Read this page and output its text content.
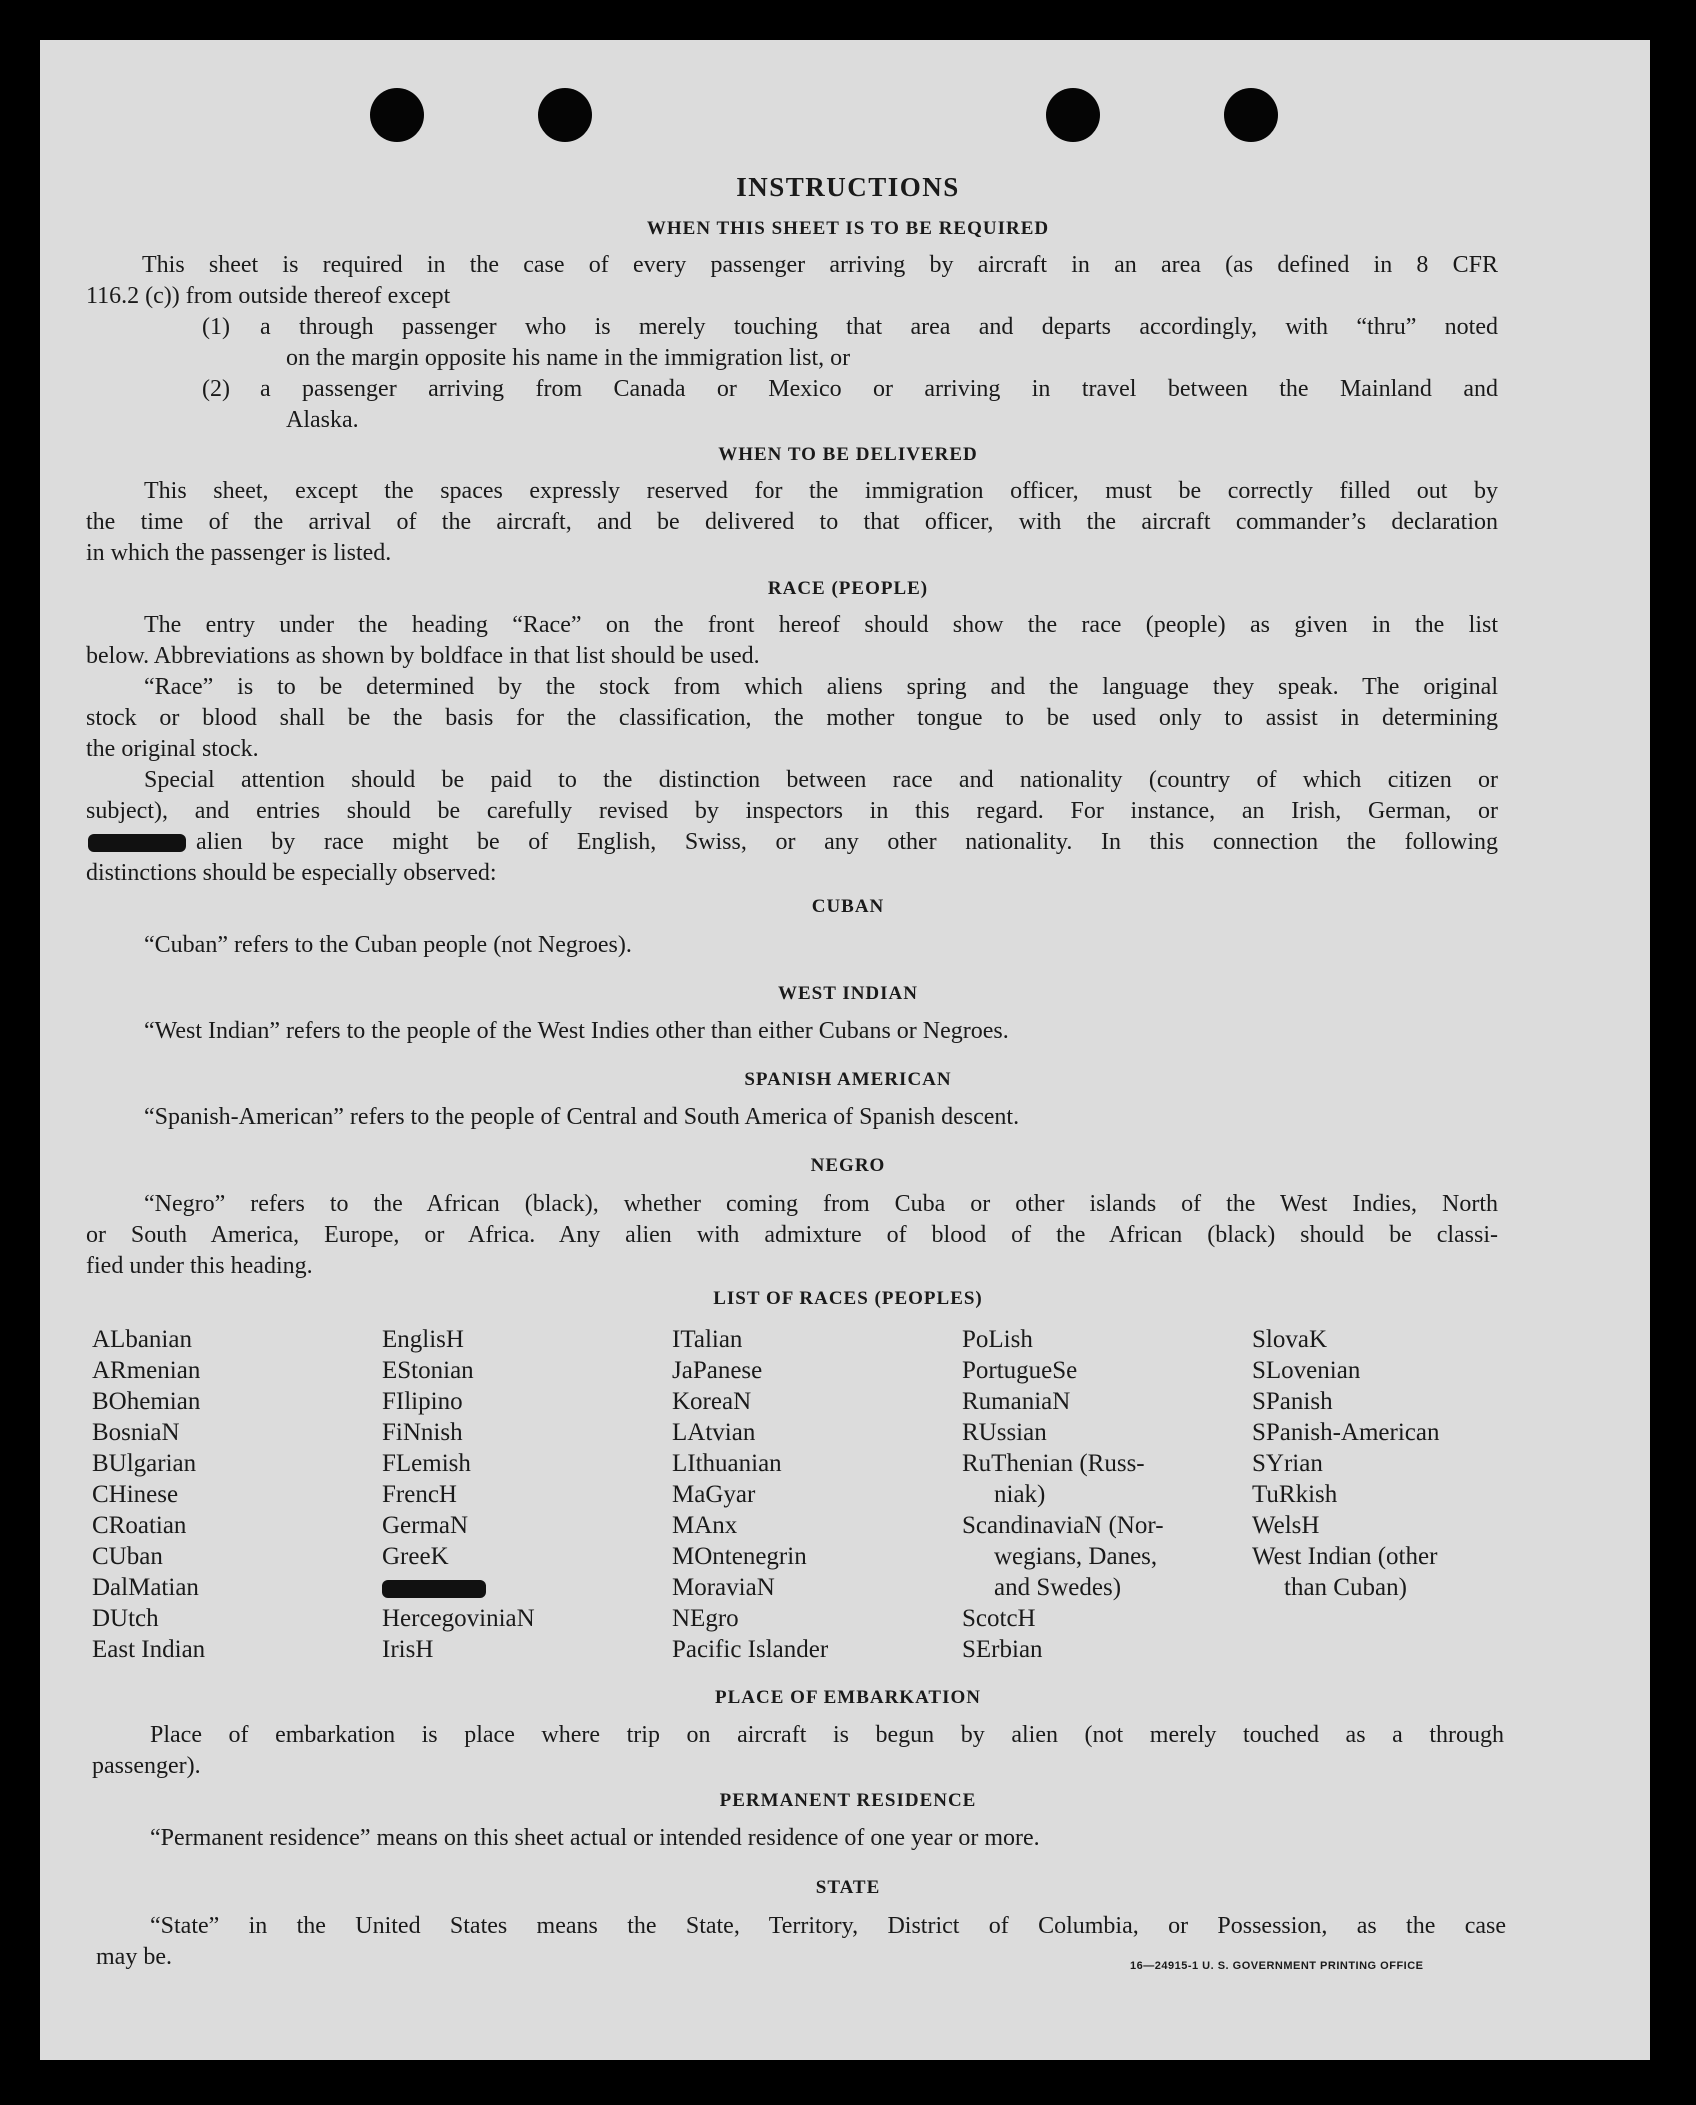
INSTRUCTIONS
WHEN THIS SHEET IS TO BE REQUIRED
This sheet is required in the case of every passenger arriving by aircraft in an area (as defined in 8 CFR
116.2 (c)) from outside thereof except
(1) a through passenger who is merely touching that area and departs accordingly, with “thru” noted
on the margin opposite his name in the immigration list, or
(2) a passenger arriving from Canada or Mexico or arriving in travel between the Mainland and
Alaska.
WHEN TO BE DELIVERED
This sheet, except the spaces expressly reserved for the immigration officer, must be correctly filled out by
the time of the arrival of the aircraft, and be delivered to that officer, with the aircraft commander’s declaration
in which the passenger is listed.
RACE (PEOPLE)
The entry under the heading “Race” on the front hereof should show the race (people) as given in the list
below. Abbreviations as shown by boldface in that list should be used.
“Race” is to be determined by the stock from which aliens spring and the language they speak. The original
stock or blood shall be the basis for the classification, the mother tongue to be used only to assist in determining
the original stock.
Special attention should be paid to the distinction between race and nationality (country of which citizen or
subject), and entries should be carefully revised by inspectors in this regard. For instance, an Irish, German, or
alien by race might be of English, Swiss, or any other nationality. In this connection the following
distinctions should be especially observed:
CUBAN
“Cuban” refers to the Cuban people (not Negroes).
WEST INDIAN
“West Indian” refers to the people of the West Indies other than either Cubans or Negroes.
SPANISH AMERICAN
“Spanish-American” refers to the people of Central and South America of Spanish descent.
NEGRO
“Negro” refers to the African (black), whether coming from Cuba or other islands of the West Indies, North
or South America, Europe, or Africa. Any alien with admixture of blood of the African (black) should be classi-
fied under this heading.
LIST OF RACES (PEOPLES)
ALbanian
ARmenian
BOhemian
BosniaN
BUlgarian
CHinese
CRoatian
CUban
DalMatian
DUtch
East Indian
EnglisH
EStonian
FIlipino
FiNnish
FLemish
FrencH
GermaN
GreeK
HercegoviniaN
IrisH
ITalian
JaPanese
KoreaN
LAtvian
LIthuanian
MaGyar
MAnx
MOntenegrin
MoraviaN
NEgro
Pacific Islander
PoLish
PortugueSe
RumaniaN
RUssian
RuThenian (Russ-
niak)
ScandinaviaN (Nor-
wegians, Danes,
and Swedes)
ScotcH
SErbian
SlovaK
SLovenian
SPanish
SPanish-American
SYrian
TuRkish
WelsH
West Indian (other
than Cuban)
PLACE OF EMBARKATION
Place of embarkation is place where trip on aircraft is begun by alien (not merely touched as a through
passenger).
PERMANENT RESIDENCE
“Permanent residence” means on this sheet actual or intended residence of one year or more.
STATE
“State” in the United States means the State, Territory, District of Columbia, or Possession, as the case
may be.	16—24915-1 U. S. GOVERNMENT PRINTING OFFICE
